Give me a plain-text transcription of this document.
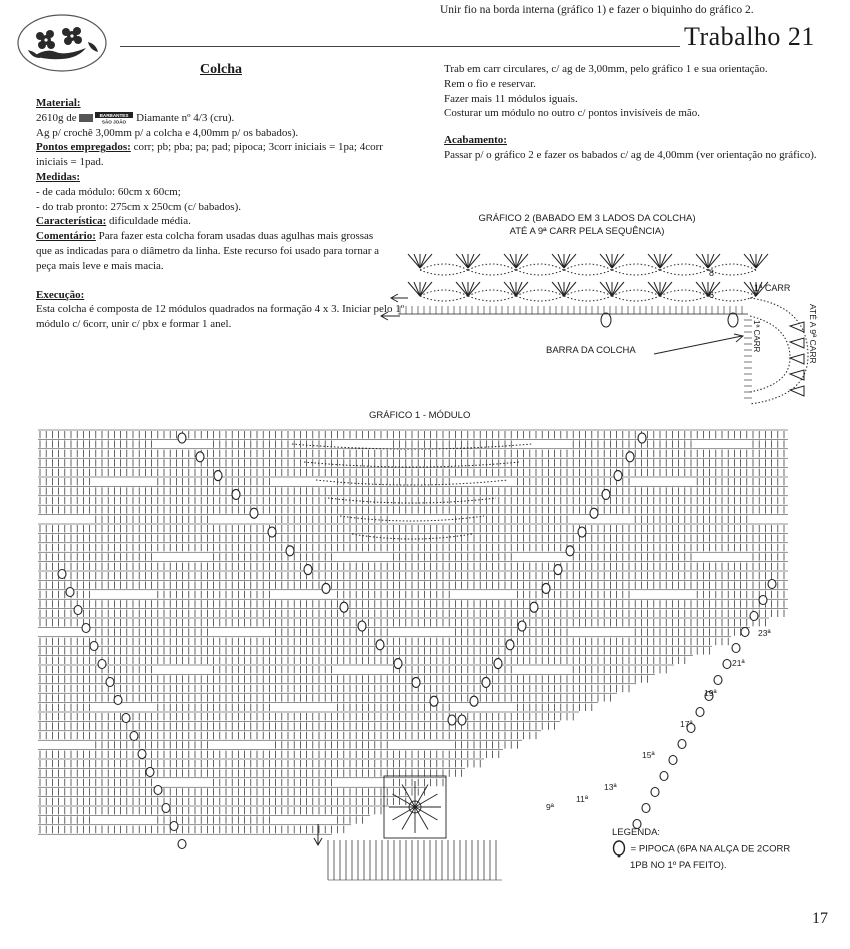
Unir fio na borda interna (gráfico 1) e fazer o biquinho do gráfico 2.
Trabalho 21
Colcha

Material:

2610g de	BARBANTES
SÃO JOÃO Diamante nº 4/3 (cru).

Ag p/ crochê 3,00mm p/ a colcha e 4,00mm p/ os babados).

Pontos empregados: corr; pb; pba; pa; pad; pipoca; 3corr iniciais = 1pa; 4corr iniciais = 1pad.

Medidas:

- de cada módulo: 60cm x 60cm;

- do trab pronto: 275cm x 250cm (c/ babados).

Característica: dificuldade média.

Comentário: Para fazer esta colcha foram usadas duas agulhas mais grossas que as indicadas para o diâmetro da linha. Este recurso foi usado para tornar a peça mais leve e mais macia.

Execução:

Esta colcha é composta de 12 módulos quadrados na formação 4 x 3. Iniciar pelo 1º módulo c/ 6corr, unir c/ pbx e formar 1 anel.

Trab em carr circulares, c/ ag de 3,00mm, pelo gráfico 1 e sua orientação.

Rem o fio e reservar.

Fazer mais 11 módulos iguais.

Costurar um módulo no outro c/ pontos invisíveis de mão.

Acabamento:

Passar p/ o gráfico 2 e fazer os babados c/ ag de 4,00mm (ver orientação no gráfico).

GRÁFICO 2 (BABADO EM 3 LADOS DA COLCHA)
ATÉ A 9ª CARR PELA SEQUÊNCIA)
8
6
1ª CARR
1ª CARR	ATÉ A 9ª CARR
BARRA DA COLCHA
GRÁFICO 1 - MÓDULO
23ª
21ª
19ª
17ª
15ª
13ª
11ª
9ª
LEGENDA:
= PIPOCA (6PA NA ALÇA DE 2CORR
1PB NO 1º PA FEITO).
17
